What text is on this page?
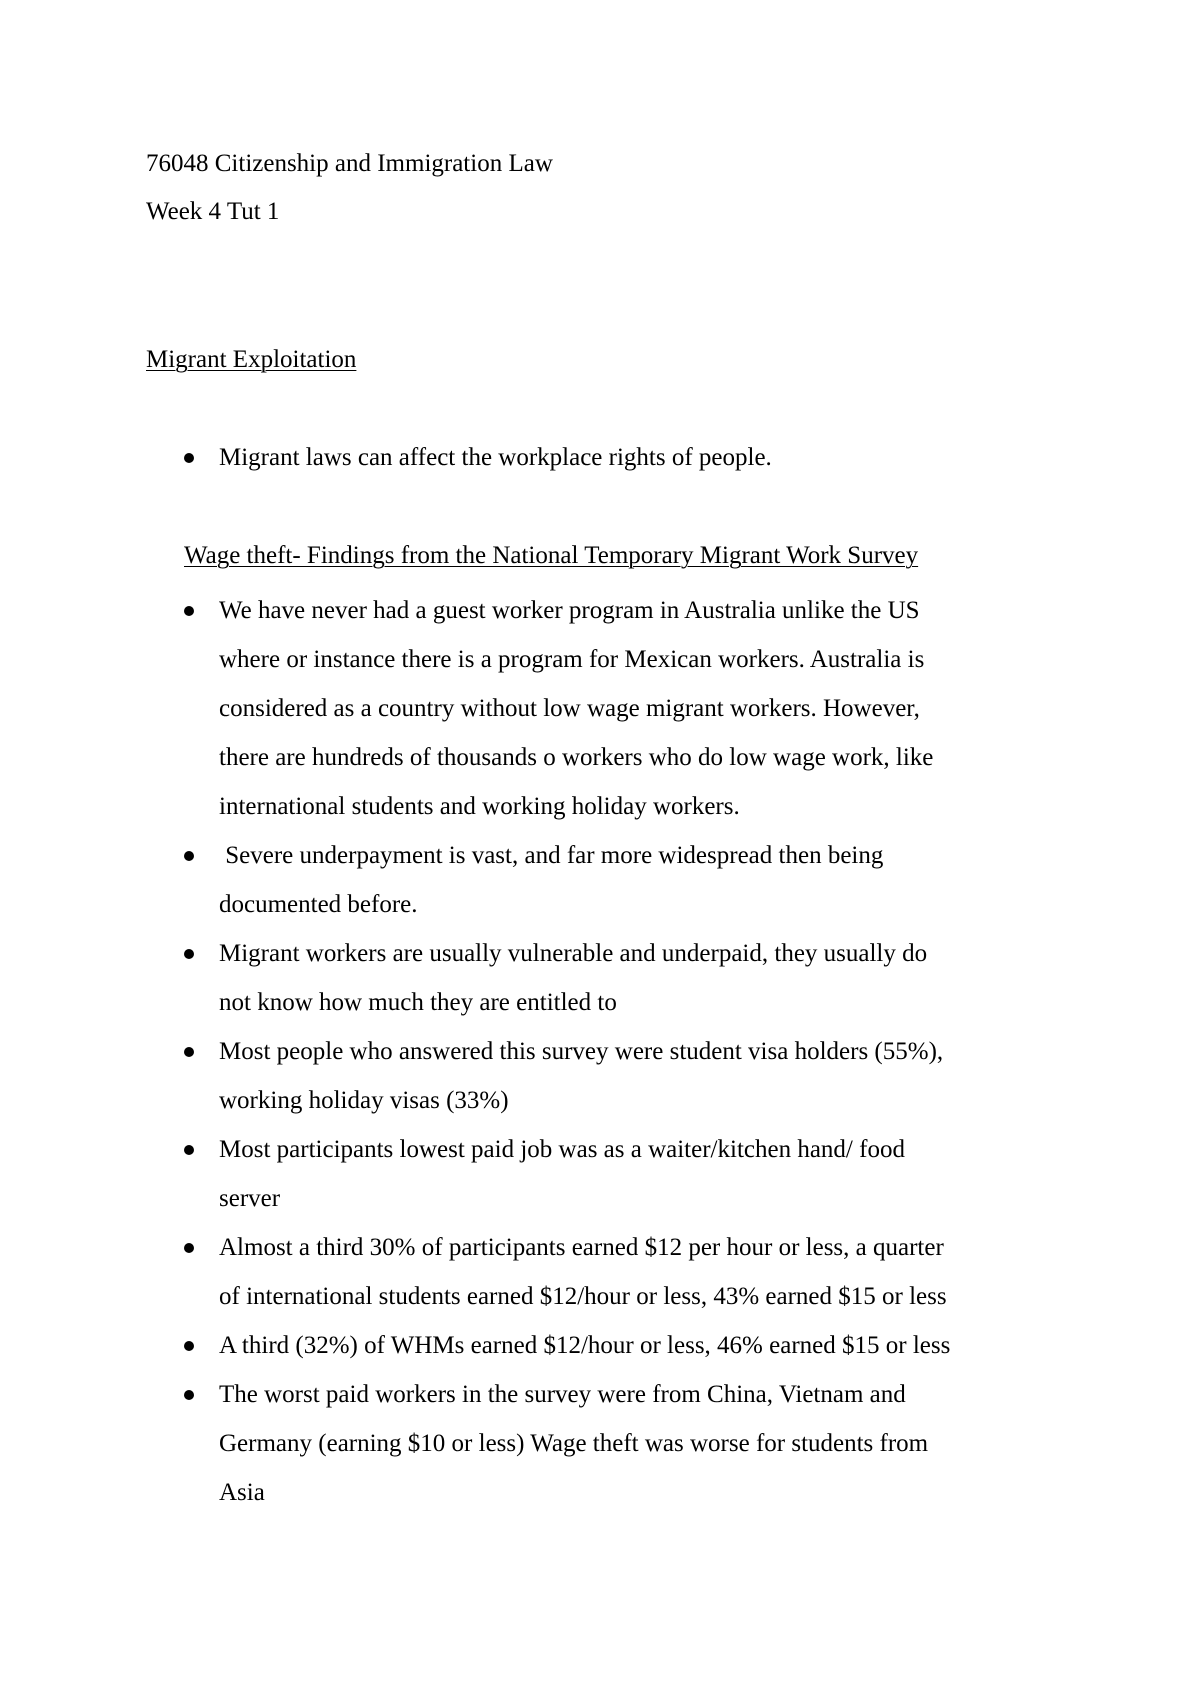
76048 Citizenship and Immigration Law
Week 4 Tut 1
Migrant Exploitation
Migrant laws can affect the workplace rights of people.
Wage theft- Findings from the National Temporary Migrant Work Survey
We have never had a guest worker program in Australia unlike the US
where or instance there is a program for Mexican workers. Australia is
considered as a country without low wage migrant workers. However,
there are hundreds of thousands o workers who do low wage work, like
international students and working holiday workers.
Severe underpayment is vast, and far more widespread then being
documented before.
Migrant workers are usually vulnerable and underpaid, they usually do
not know how much they are entitled to
Most people who answered this survey were student visa holders (55%),
working holiday visas (33%)
Most participants lowest paid job was as a waiter/kitchen hand/ food
server
Almost a third 30% of participants earned $12 per hour or less, a quarter
of international students earned $12/hour or less, 43% earned $15 or less
A third (32%) of WHMs earned $12/hour or less, 46% earned $15 or less
The worst paid workers in the survey were from China, Vietnam and
Germany (earning $10 or less) Wage theft was worse for students from
Asia
